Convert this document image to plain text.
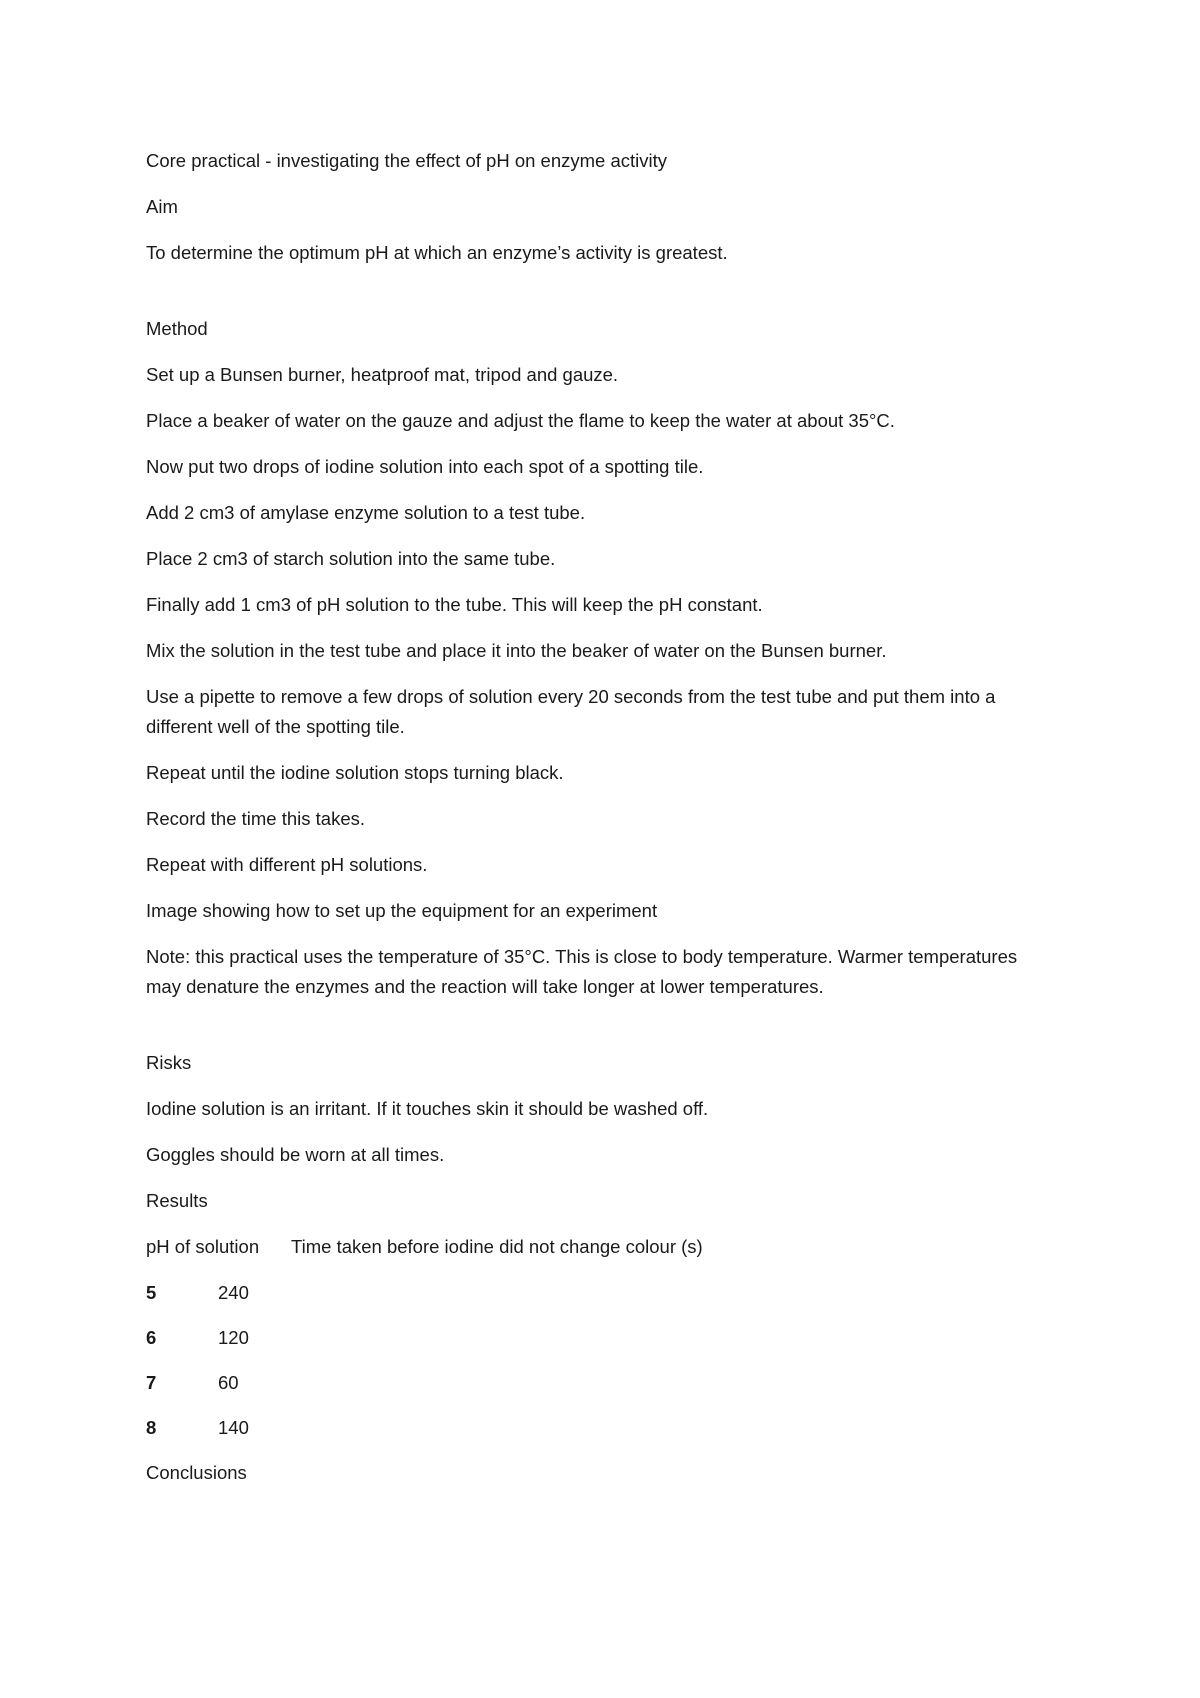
Core practical - investigating the effect of pH on enzyme activity

Aim

To determine the optimum pH at which an enzyme’s activity is greatest.

Method

Set up a Bunsen burner, heatproof mat, tripod and gauze.

Place a beaker of water on the gauze and adjust the flame to keep the water at about 35°C.

Now put two drops of iodine solution into each spot of a spotting tile.

Add 2 cm3 of amylase enzyme solution to a test tube.

Place 2 cm3 of starch solution into the same tube.

Finally add 1 cm3 of pH solution to the tube. This will keep the pH constant.

Mix the solution in the test tube and place it into the beaker of water on the Bunsen burner.

Use a pipette to remove a few drops of solution every 20 seconds from the test tube and put them into a different well of the spotting tile.

Repeat until the iodine solution stops turning black.

Record the time this takes.

Repeat with different pH solutions.

Image showing how to set up the equipment for an experiment

Note: this practical uses the temperature of 35°C. This is close to body temperature. Warmer temperatures may denature the enzymes and the reaction will take longer at lower temperatures.

Risks

Iodine solution is an irritant. If it touches skin it should be washed off.

Goggles should be worn at all times.

Results

pH of solution	Time taken before iodine did not change colour (s)
5	240
6	120
7	60
8	140

Conclusions
